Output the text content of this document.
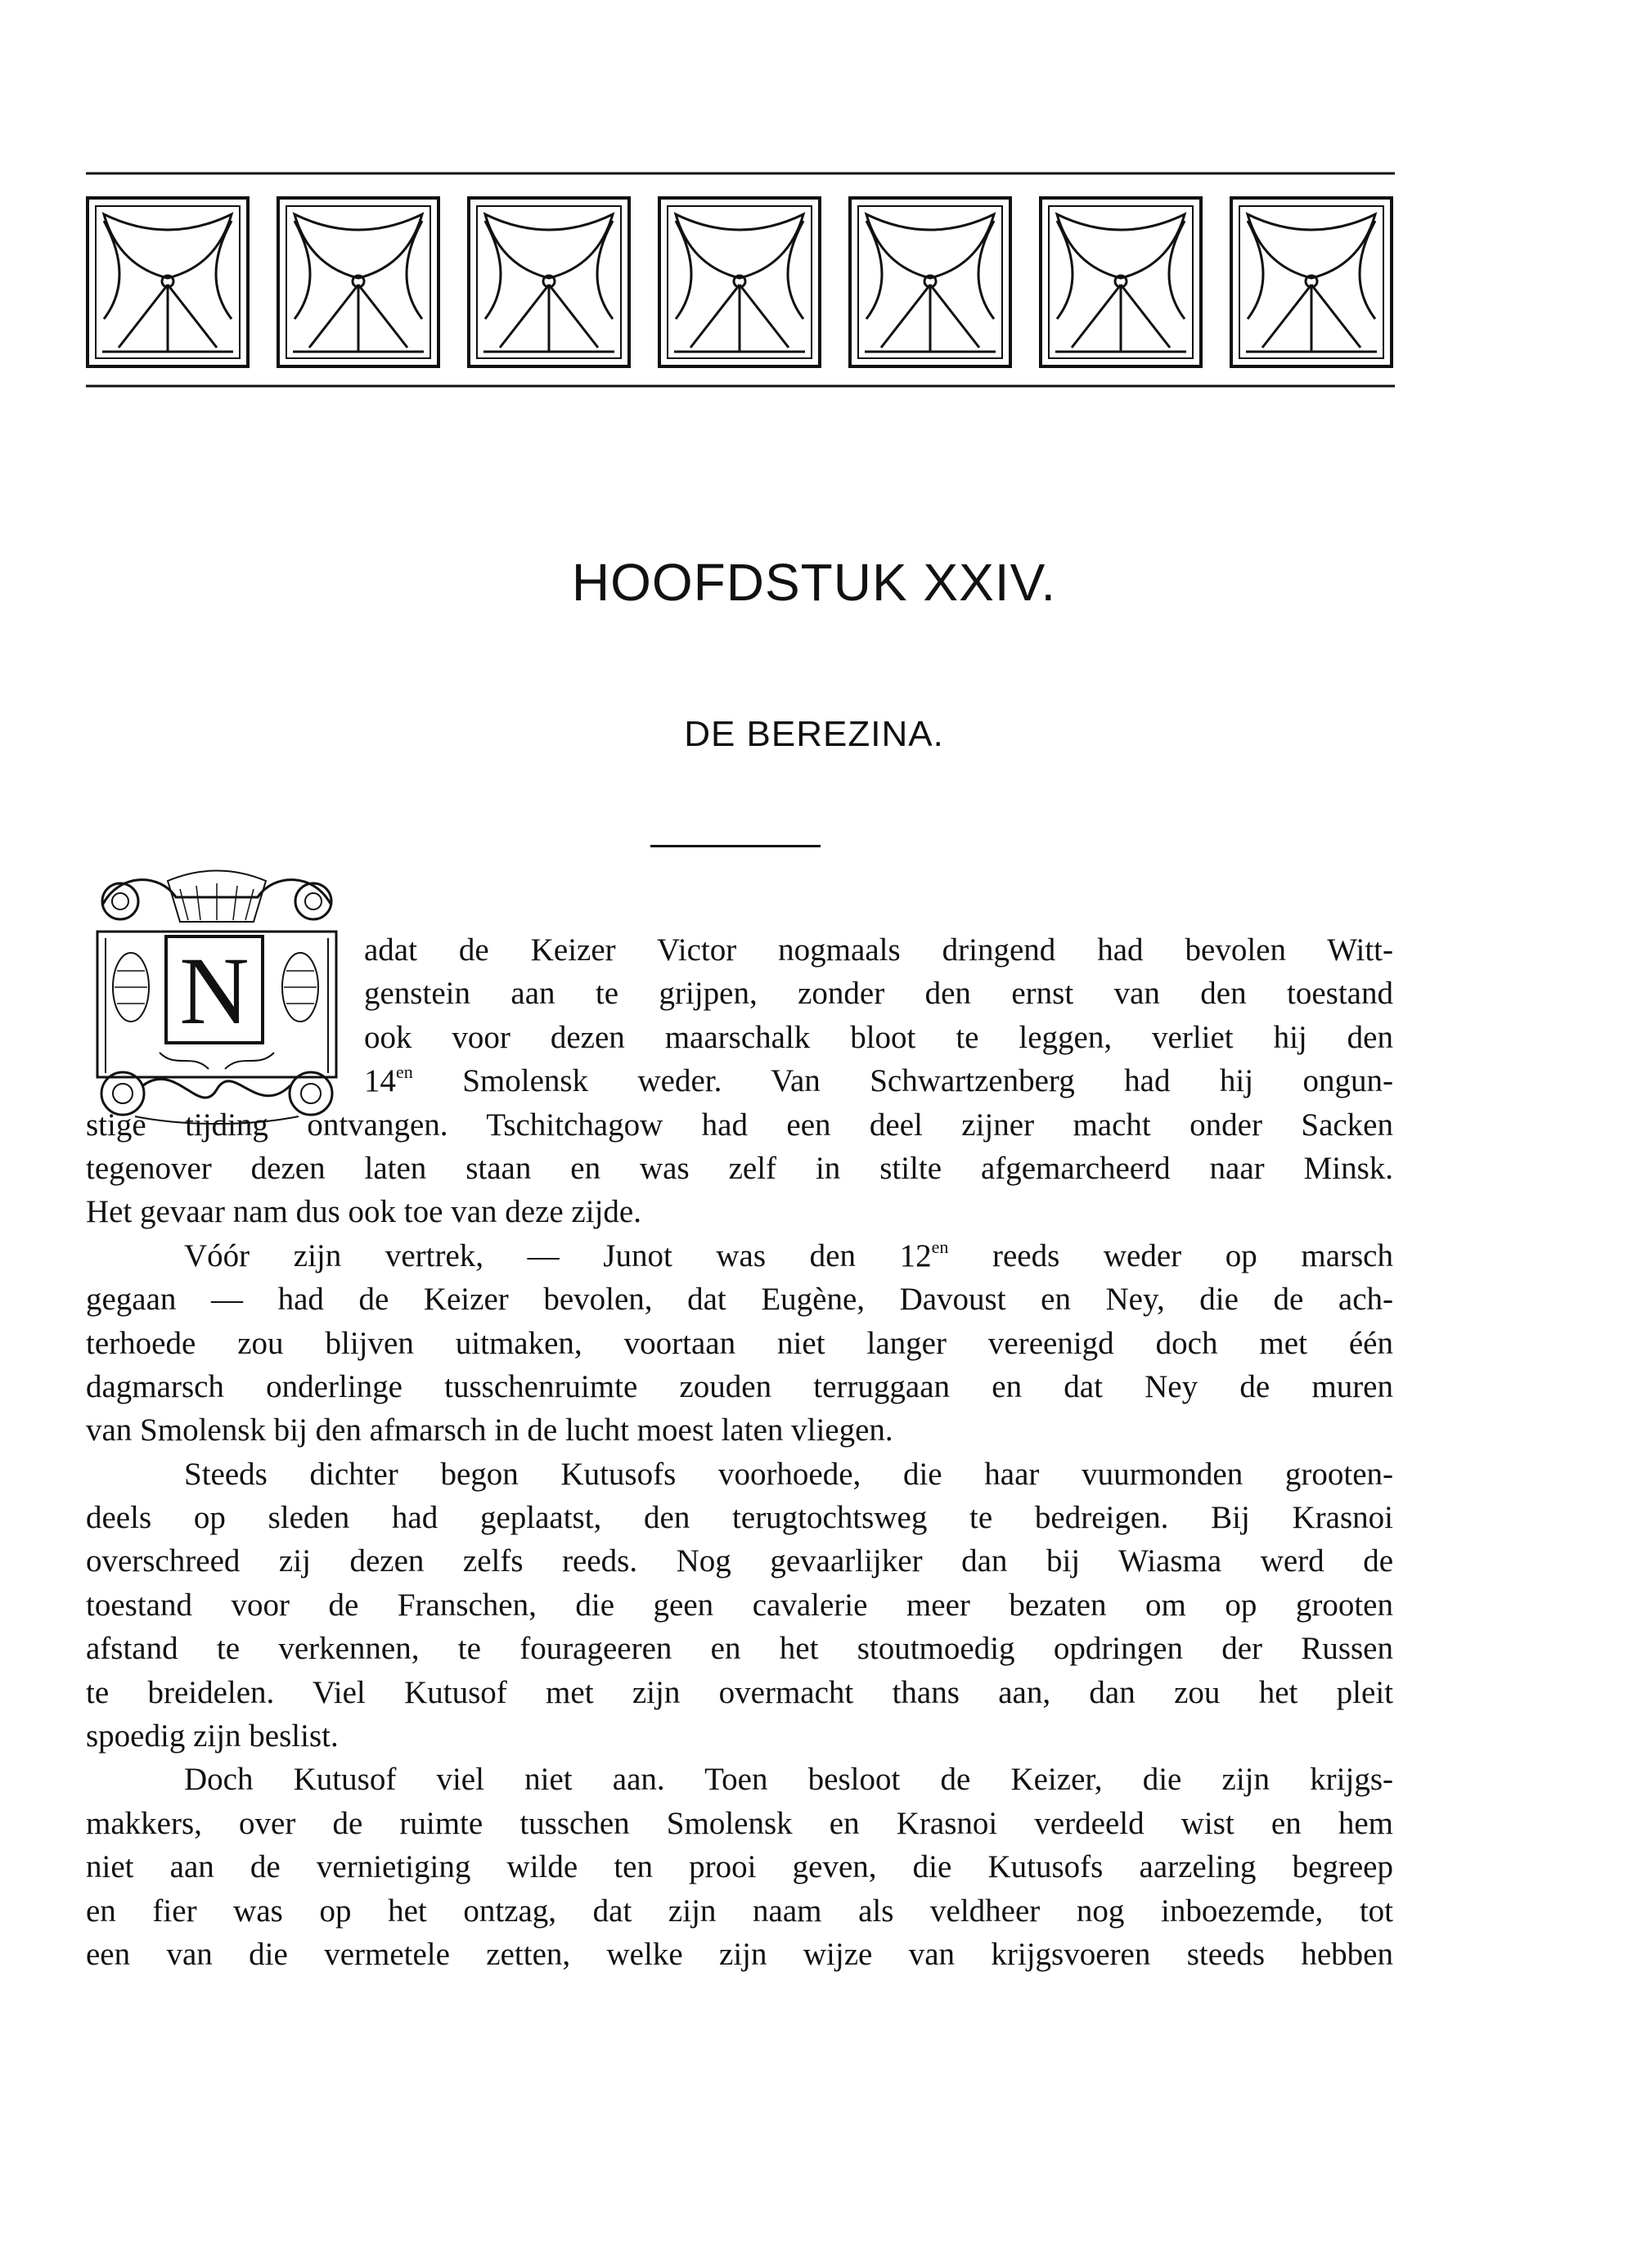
HOOFDSTUK XXIV.
DE BEREZINA.
N	adat de Keizer Victor nogmaals dringend had bevolen Witt-
genstein aan te grijpen, zonder den ernst van den toestand
ook voor dezen maarschalk bloot te leggen, verliet hij den
$14^{en}$ Smolensk weder. Van Schwartzenberg had hij ongun-
stige tijding ontvangen. Tschitchagow had een deel zijner macht onder Sacken
tegenover dezen laten staan en was zelf in stilte afgemarcheerd naar Minsk.
Het gevaar nam dus ook toe van deze zijde.
Vóór zijn vertrek, — Junot was den $12^{en}$ reeds weder op marsch
gegaan — had de Keizer bevolen, dat Eugène, Davoust en Ney, die de ach-
terhoede zou blijven uitmaken, voortaan niet langer vereenigd doch met één
dagmarsch onderlinge tusschenruimte zouden terruggaan en dat Ney de muren
van Smolensk bij den afmarsch in de lucht moest laten vliegen.
Steeds dichter begon Kutusofs voorhoede, die haar vuurmonden grooten-
deels op sleden had geplaatst, den terugtochtsweg te bedreigen. Bij Krasnoi
overschreed zij dezen zelfs reeds. Nog gevaarlijker dan bij Wiasma werd de
toestand voor de Franschen, die geen cavalerie meer bezaten om op grooten
afstand te verkennen, te fourageeren en het stoutmoedig opdringen der Russen
te breidelen. Viel Kutusof met zijn overmacht thans aan, dan zou het pleit
spoedig zijn beslist.
Doch Kutusof viel niet aan. Toen besloot de Keizer, die zijn krijgs-
makkers, over de ruimte tusschen Smolensk en Krasnoi verdeeld wist en hem
niet aan de vernietiging wilde ten prooi geven, die Kutusofs aarzeling begreep
en fier was op het ontzag, dat zijn naam als veldheer nog inboezemde, tot
een van die vermetele zetten, welke zijn wijze van krijgsvoeren steeds hebben
